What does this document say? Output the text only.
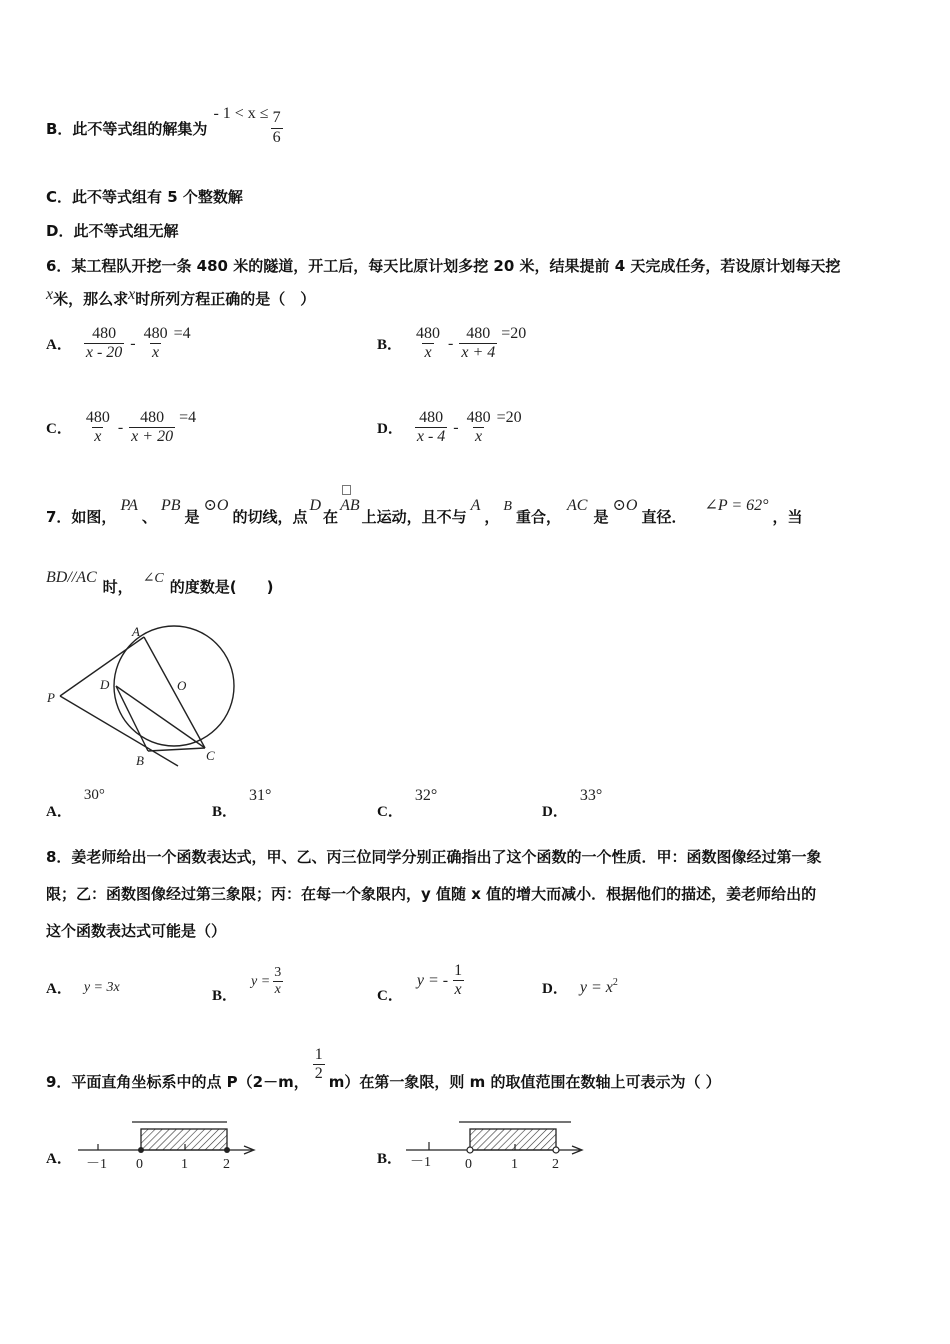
B．此不等式组的解集为
- $1 < x \le \frac{7}{6}$
C．此不等式组有 5 个整数解
D．此不等式组无解
6．某工程队开挖一条 480 米的隧道，开工后，每天比原计划多挖 20 米，结果提前 4 天完成任务，若设原计划每天挖
x 米，那么求 x 时所列方程正确的是（　）
A． $\frac{480}{x - 20} - \frac{480}{x} =4$
B． $\frac{480}{x} - \frac{480}{x + 4} =20$
C． $\frac{480}{x} - \frac{480}{x + 20} =4$
D． $\frac{480}{x - 4} - \frac{480}{x} =20$
7．如图，
PA
、
PB
是
⊙O
的切线，点
D
在
AB
上运动，且不与
A
，
B
重合，
AC
是
⊙O
直径．
∠P = 62°
，当
BD//AC
时， ∠C 的度数是(　　)
A
O
P
D
B	C
A．
30°
B．
31°
C．
32°
D．
33°
8．姜老师给出一个函数表达式，甲、乙、丙三位同学分别正确指出了这个函数的一个性质．甲：函数图像经过第一象
限；乙：函数图像经过第三象限；丙：在每一个象限内，y 值随 x 值的增大而减小．根据他们的描述，姜老师给出的
这个函数表达式可能是（）
A． y = 3x
B．
$y = \frac{3}{x}$	C．
y = - $\frac{1}{x}$	D． $y = x^2$
9．平面直角坐标系中的点 P（2－m， $\frac{1}{2} m$）在第一象限，则 m 的取值范围在数轴上可表示为（ ）
A． －1 0	1	2	B． －1 0	1 2
